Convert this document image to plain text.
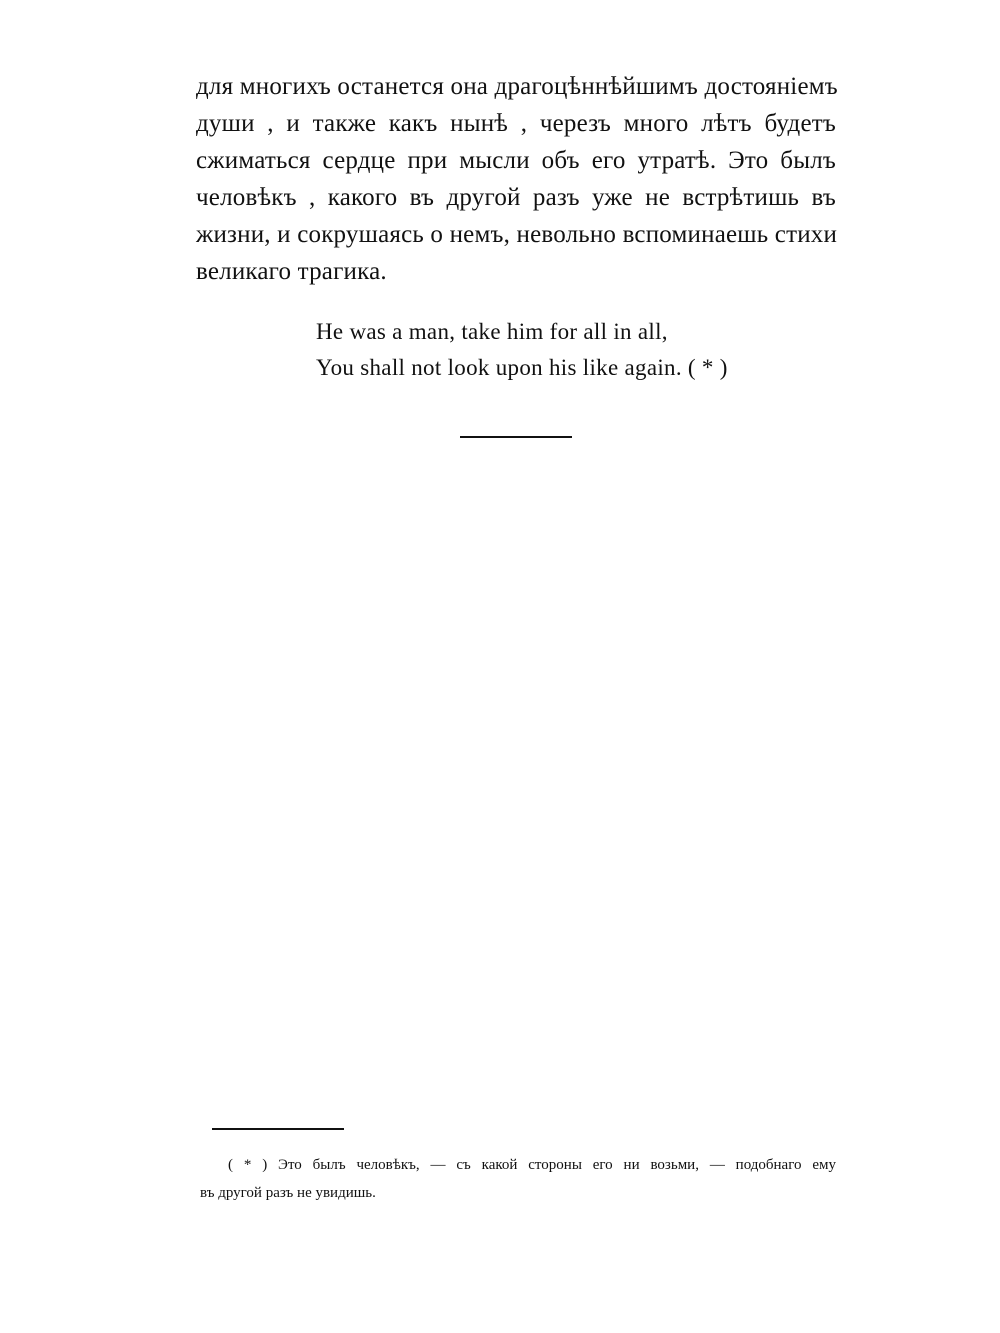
для многихъ останется она драгоцѣннѣйшимъ достояніемъ
души , и также какъ нынѣ , черезъ много лѣтъ будетъ
сжиматься сердце при мысли объ его утратѣ. Это былъ
человѣкъ , какого въ другой разъ уже не встрѣтишь въ
жизни, и сокрушаясь о немъ, невольно вспоминаешь стихи
великаго трагика.
He was a man, take him for all in all,
You shall not look upon his like again. ( * )
( * ) Это былъ человѣкъ, — съ какой стороны его ни возьми, — подобнаго ему
въ другой разъ не увидишь.
